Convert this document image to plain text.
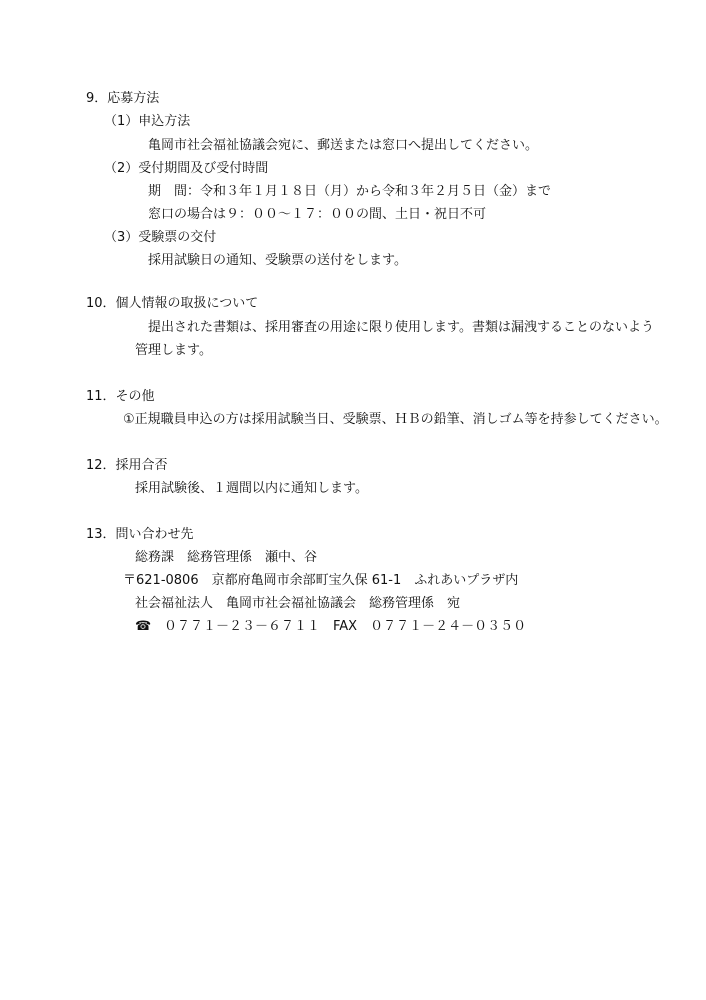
9．応募方法
（1）申込方法
亀岡市社会福祉協議会宛に、郵送または窓口へ提出してください。
（2）受付期間及び受付時間
期　間：令和３年１月１８日（月）から令和３年２月５日（金）まで
窓口の場合は９：００～１７：００の間、土日・祝日不可
（3）受験票の交付
採用試験日の通知、受験票の送付をします。
10．個人情報の取扱について
提出された書類は、採用審査の用途に限り使用します。書類は漏洩することのないよう
管理します。
11．その他
①正規職員申込の方は採用試験当日、受験票、ＨＢの鉛筆、消しゴム等を持参してください。
12．採用合否
採用試験後、１週間以内に通知します。
13．問い合わせ先
総務課　総務管理係　瀬中、谷
〒621-0806　京都府亀岡市余部町宝久保 61-1　ふれあいプラザ内
社会福祉法人　亀岡市社会福祉協議会　総務管理係　宛
☎ ０７７１－２３－６７１１　FAX　０７７１－２４－０３５０
